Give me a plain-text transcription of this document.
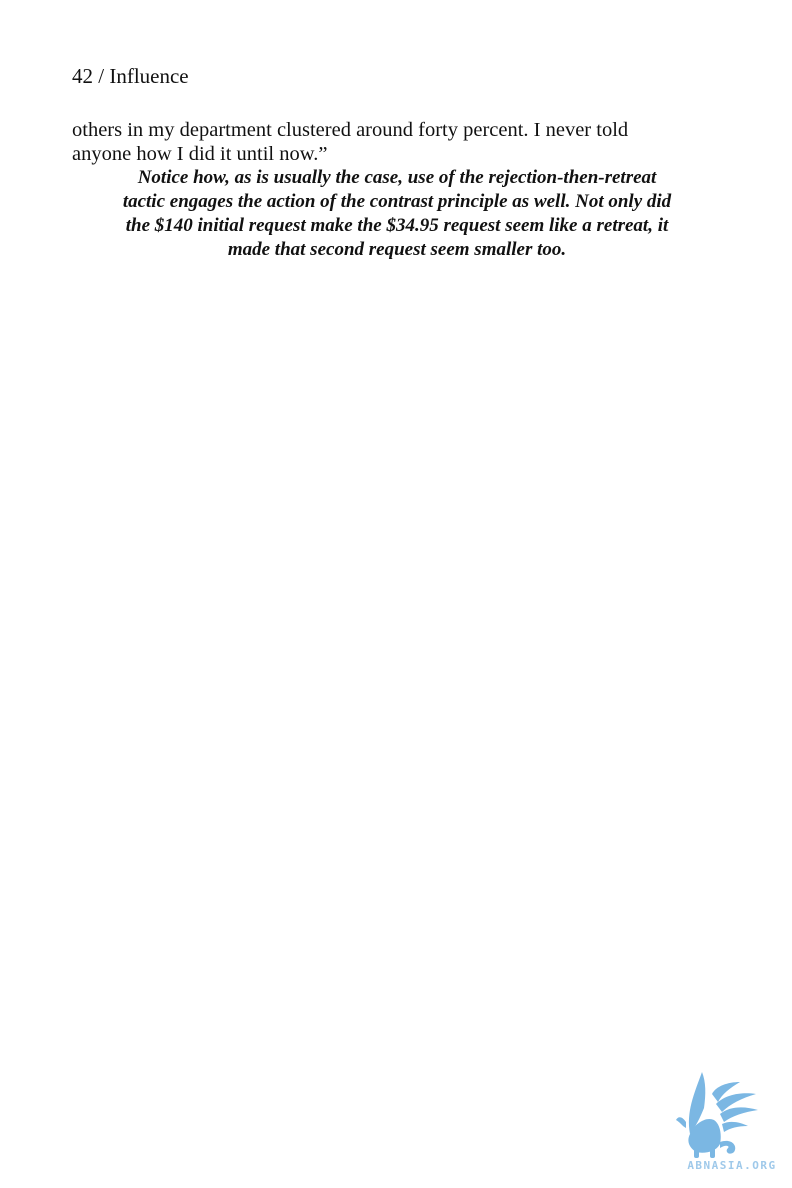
42 / Influence

others in my department clustered around forty percent. I never told
anyone how I did it until now.”

Notice how, as is usually the case, use of the rejection-then-retreat
tactic engages the action of the contrast principle as well. Not only did
the $140 initial request make the $34.95 request seem like a retreat, it
made that second request seem smaller too.

ABNASIA.ORG
